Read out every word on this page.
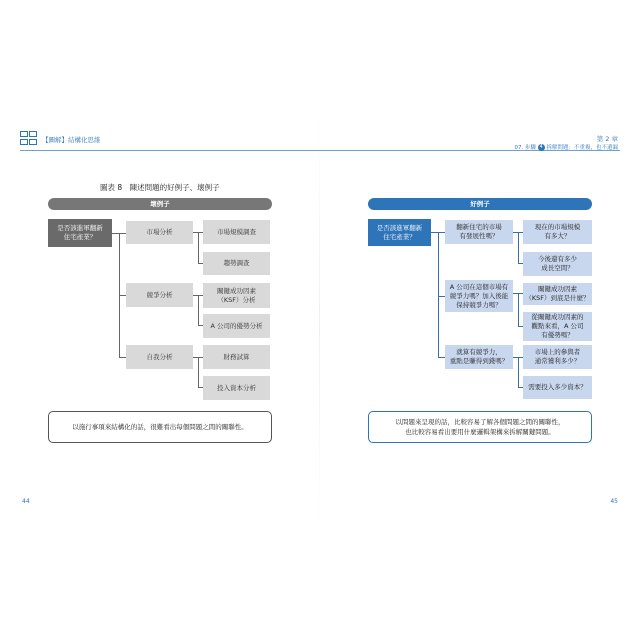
【圖解】結構化思維	第 2 章
07. 步驟 4 拆解問題：不重複，也不遺漏
圖表 8　陳述問題的好例子、壞例子
壞例子
是否該進軍翻新
住宅產業？
市場分析	市場規模調查
趨勢調查
競爭分析	關鍵成功因素
（KSF）分析
A 公司的優勢分析
自我分析	財務試算
投入資本分析
以施行事項來結構化的話，很難看出每個問題之間的關聯性。
好例子
是否該進軍翻新
住宅產業？
翻新住宅的市場
有發展性嗎？
現在的市場規模
有多大？
今後還有多少
成長空間？
A 公司在這個市場有
競爭力嗎？加入後能
保持競爭力嗎？
關鍵成功因素
（KSF）到底是什麼？
從關鍵成功因素的
觀點來看，A 公司
有優勢嗎？
就算有競爭力，
重點是賺得到錢嗎？
市場上的參與者
通常獲利多少？
需要投入多少資本？
以問題來呈現的話，比較容易了解各個問題之間的關聯性，
也比較容易看出要用什麼邏輯架構來拆解關鍵問題。
44	45
